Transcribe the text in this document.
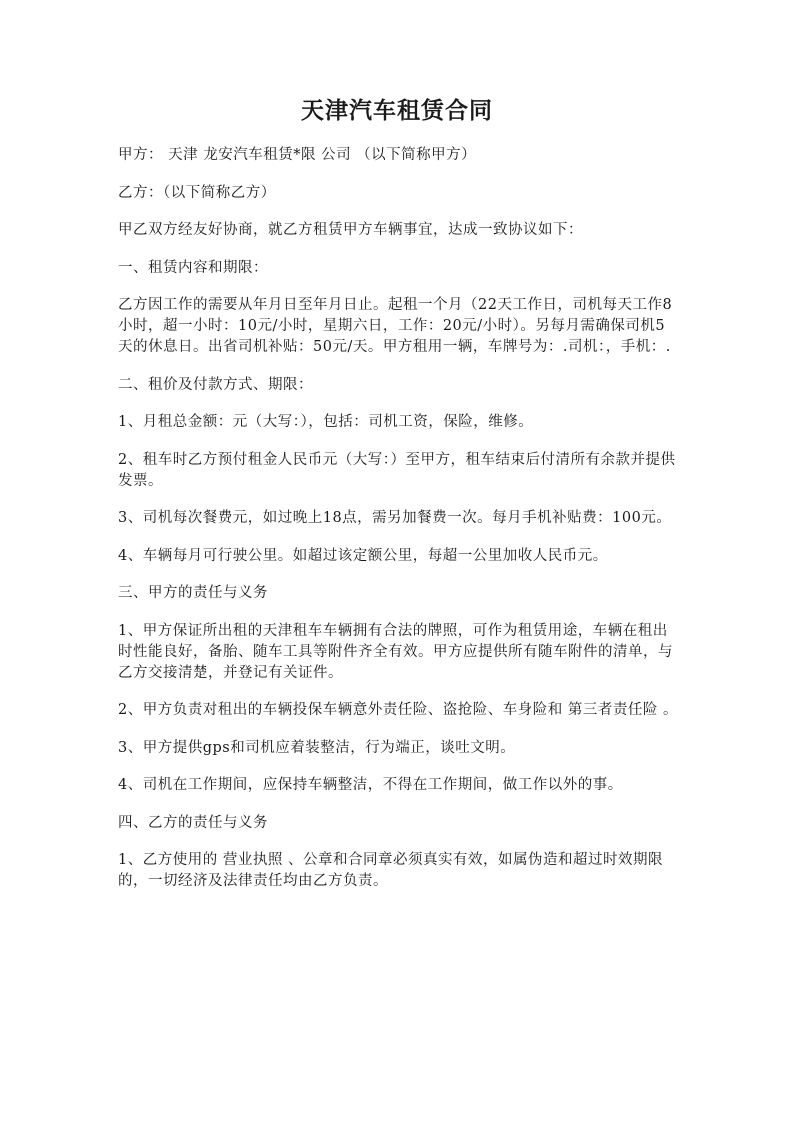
天津汽车租赁合同

甲方： 天津 龙安汽车租赁*限 公司 （以下简称甲方）

乙方：（以下简称乙方）

甲乙双方经友好协商，就乙方租赁甲方车辆事宜，达成一致协议如下：

一、租赁内容和期限：

乙方因工作的需要从年月日至年月日止。起租一个月（22天工作日，司机每天工作8小时，超一小时：10元/小时，星期六日，工作：20元/小时）。另每月需确保司机5天的休息日。出省司机补贴：50元/天。甲方租用一辆，车牌号为：.司机：，手机：.

二、租价及付款方式、期限：

1、月租总金额：元（大写：），包括：司机工资，保险，维修。

2、租车时乙方预付租金人民币元（大写：）至甲方，租车结束后付清所有余款并提供发票。

3、司机每次餐费元，如过晚上18点，需另加餐费一次。每月手机补贴费：100元。

4、车辆每月可行驶公里。如超过该定额公里，每超一公里加收人民币元。

三、甲方的责任与义务

1、甲方保证所出租的天津租车车辆拥有合法的牌照，可作为租赁用途，车辆在租出时性能良好，备胎、随车工具等附件齐全有效。甲方应提供所有随车附件的清单，与乙方交接清楚，并登记有关证件。

2、甲方负责对租出的车辆投保车辆意外责任险、盗抢险、车身险和 第三者责任险 。

3、甲方提供gps和司机应着装整洁，行为端正，谈吐文明。

4、司机在工作期间，应保持车辆整洁，不得在工作期间，做工作以外的事。

四、乙方的责任与义务

1、乙方使用的 营业执照 、公章和合同章必须真实有效，如属伪造和超过时效期限的，一切经济及法律责任均由乙方负责。
